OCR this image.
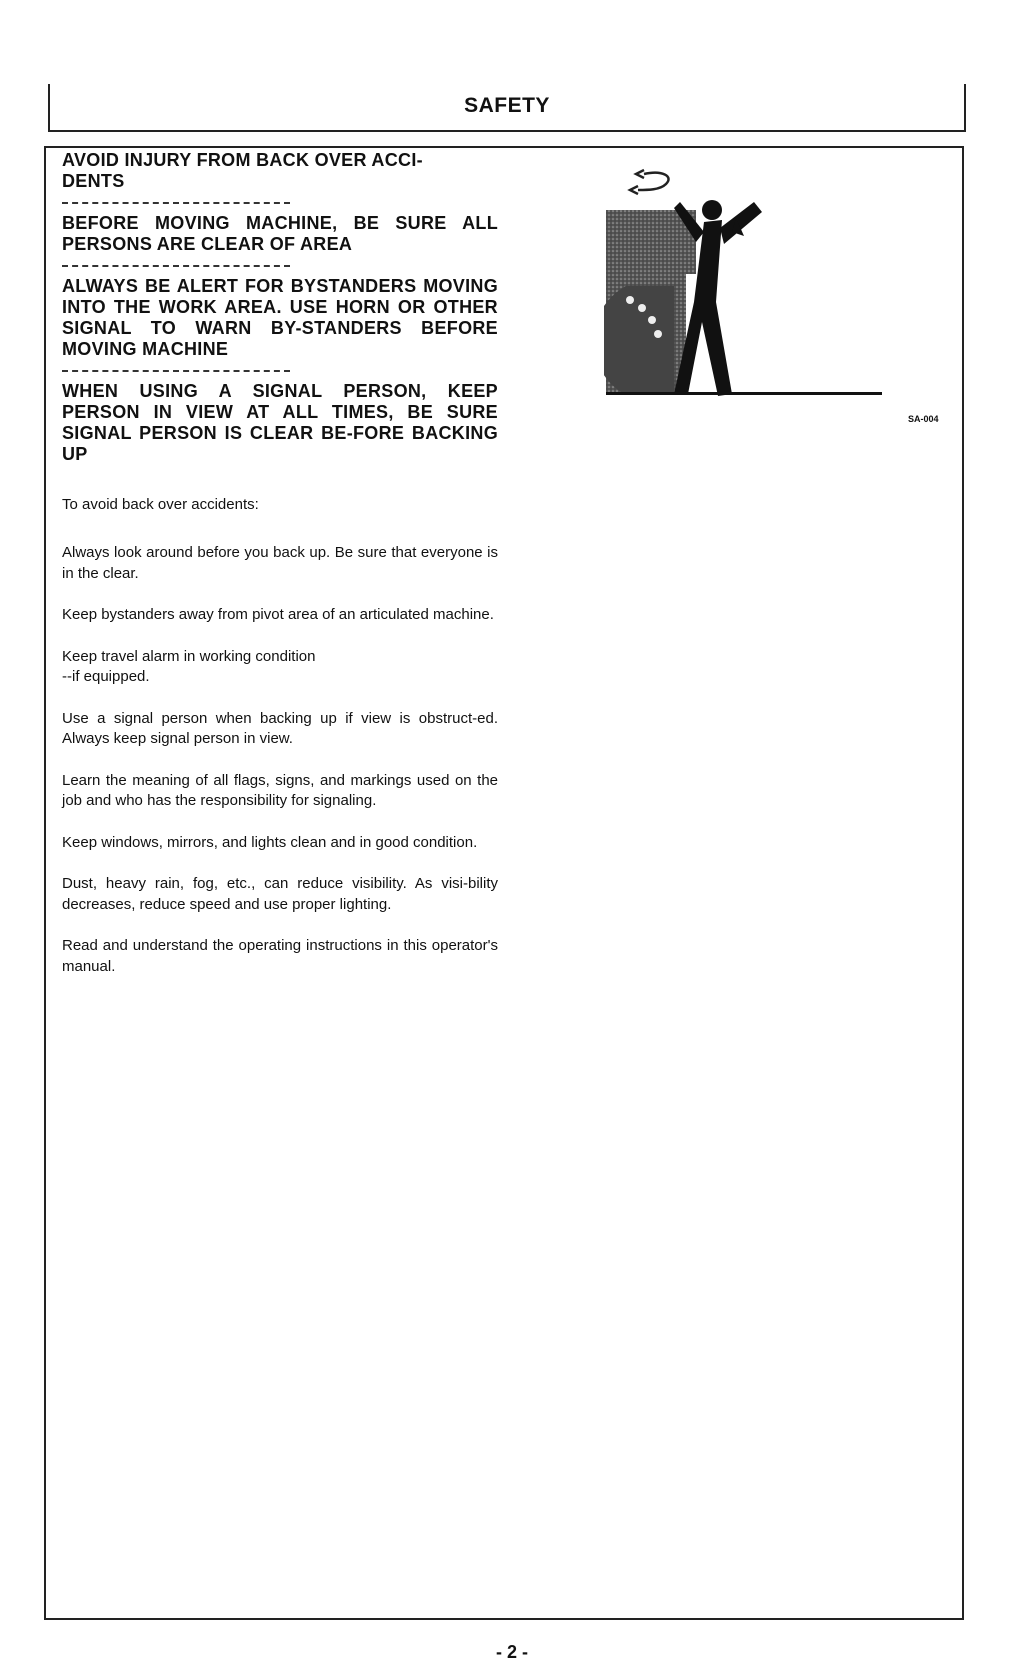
SAFETY

AVOID INJURY FROM BACK OVER ACCI-
DENTS

BEFORE MOVING MACHINE, BE SURE ALL PERSONS ARE CLEAR OF AREA

ALWAYS BE ALERT FOR BYSTANDERS MOVING INTO THE WORK AREA. USE HORN OR OTHER SIGNAL TO WARN BY-STANDERS BEFORE MOVING MACHINE

WHEN USING A SIGNAL PERSON, KEEP PERSON IN VIEW AT ALL TIMES, BE SURE SIGNAL PERSON IS CLEAR BE-FORE BACKING UP

To avoid back over accidents:

Always look around before you back up. Be sure that everyone is in the clear.

Keep bystanders away from pivot area of an articulated machine.

Keep travel alarm in working condition
--if equipped.

Use a signal person when backing up if view is obstruct-ed. Always keep signal person in view.

Learn the meaning of all flags, signs, and markings used on the job and who has the responsibility for signaling.

Keep windows, mirrors, and lights clean and in good condition.

Dust, heavy rain, fog, etc., can reduce visibility. As visi-bility decreases, reduce speed and use proper lighting.

Read and understand the operating instructions in this operator's manual.

SA-004
- 2 -
